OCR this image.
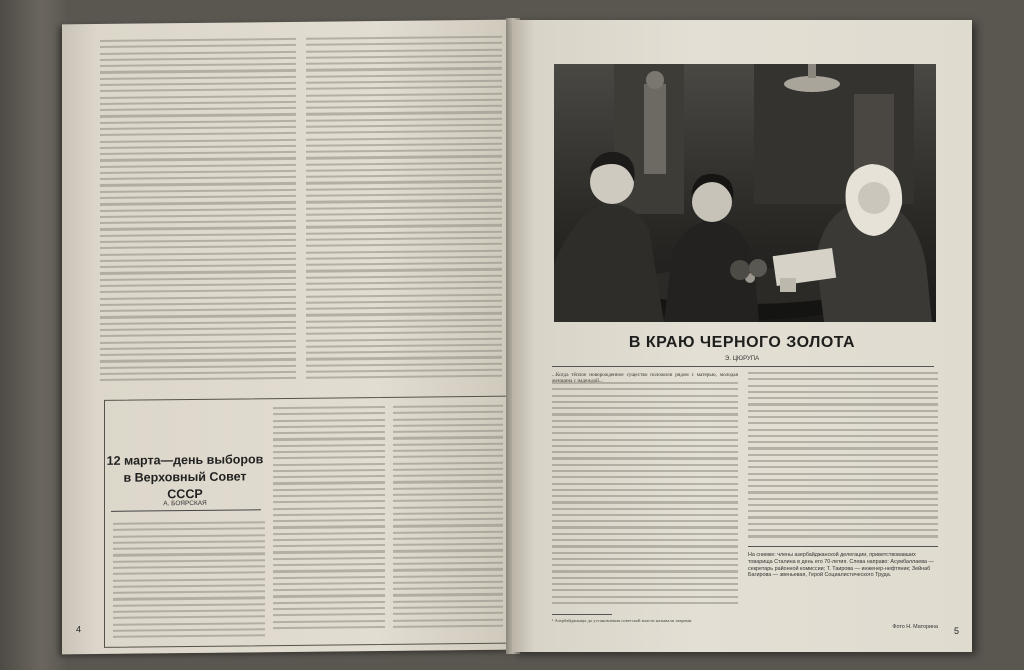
12 марта—день выборов в Верховный Совет СССР
А. БОЯРСКАЯ
4
В КРАЮ ЧЕРНОГО ЗОЛОТА
Э. ЦЮРУПА
...Когда тёплое новорожденное существо положили рядом с матерью, молодая
¹ Азербайджанцы до установления советской власти называли таврами.
На снимке: члены азербайджанской делегации, приветствовавших товарища Сталина в день его 70-летия. Слева направо: Асумбаллаева — секретарь районной комиссии; Т. Таирова — инженер-нефтяник; Зейнаб Багирова — звеньевая, Герой Социалистического Труда.
Фото Н. Маторина 5
